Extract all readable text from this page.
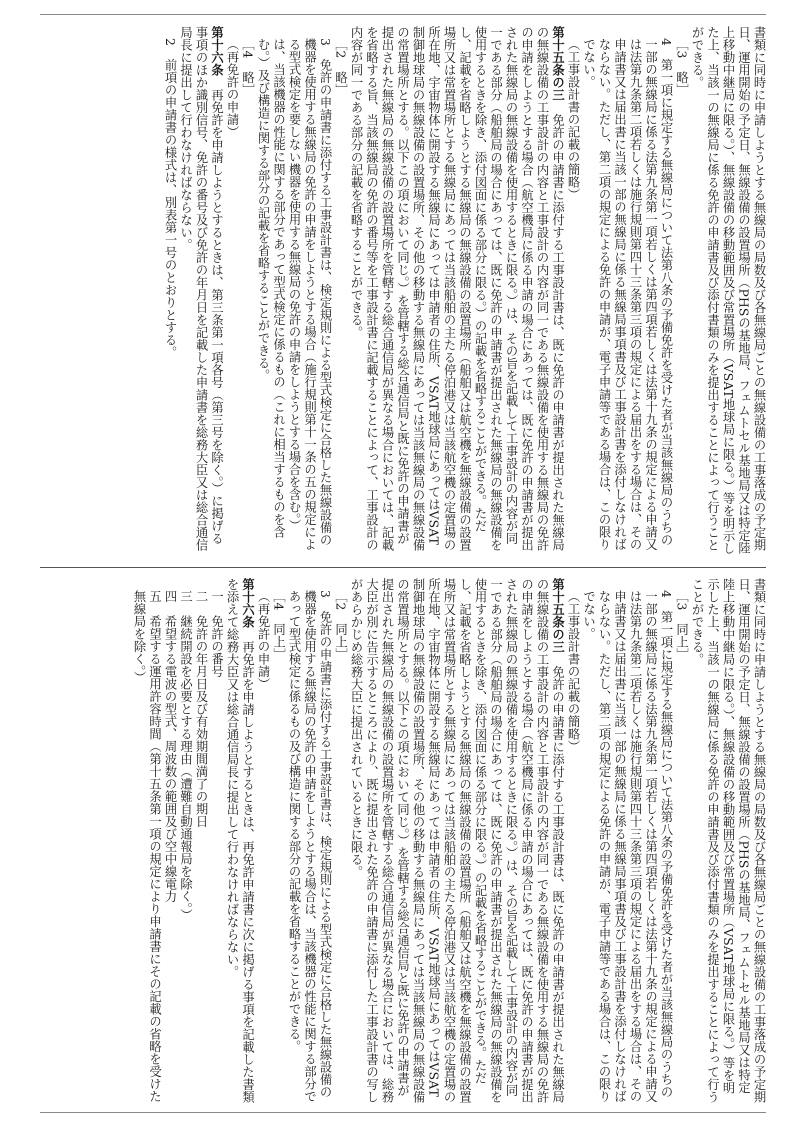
書類に同時に申請しようとする無線局の局数及び各無線局ごとの無線設備の工事落成の予定期日、運用開始の予定日、無線設備の設置場所（PHSの基地局、フェムトセル基地局又は特定陸上移動中継局に限る。）、無線設備の移動範囲及び常置場所（VSAT地球局に限る。）等を明示した上、当該一の無線局に係る免許の申請書及び添付書類のみを提出することによって行うことができる。

［3　略］

4　第一項に規定する無線局について法第八条の予備免許を受けた者が当該無線局のうちの一部の無線局に係る法第九条第一項若しくは第四項若しくは法第十九条の規定による申請又は法第九条第二項若しくは施行規則第四十三条第三項の規定による届出をする場合は、その申請書又は届出書に当該一部の無線局に係る無線局事項書及び工事設計書を添付しなければならない。ただし、第二項の規定による免許の申請が、電子申請等である場合は、この限りでない。

（工事設計書の記載の簡略）

第十五条の三　免許の申請書に添付する工事設計書は、既に免許の申請書が提出された無線局の無線設備の工事設計の内容と工事設計の内容が同一である無線設備を使用する無線局の免許の申請をしようとする場合（航空機局に係る申請の場合にあっては、既に免許の申請書が提出された無線局の無線設備を使用するときに限る。）は、その旨を記載して工事設計の内容が同一である部分（船舶局の場合にあっては、既に免許の申請書が提出された無線局の無線設備を使用するときを除き、添付図面に係る部分に限る。）の記載を省略することができる。ただし、記載を省略しようとする無線局の無線設備の設置場所（船舶又は航空機を無線設備の設置場所又は常置場所とする無線局にあっては当該船舶の主たる停泊港又は当該航空機の定置場の所在地、宇宙物体に開設する無線局にあっては申請者の住所、VSAT地球局にあってはVSAT制御地球局の無線設備の設置場所、その他の移動する無線局にあっては当該無線局の無線設備の常置場所とする。以下この項において同じ。）を管轄する総合通信局と既に免許の申請書が提出された無線局の無線設備の設置場所を管轄する総合通信局が異なる場合においては、記載を省略する旨、当該無線局の免許の番号等を工事設計書に記載することによって、工事設計の内容が同一である部分の記載を省略することができる。

［2　略］

3　免許の申請書に添付する工事設計書は、検定規則による型式検定に合格した無線設備の機器を使用する無線局の免許の申請をしようとする場合（施行規則第十一条の五の規定による型式検定を要しない機器を使用する無線局の免許の申請をしようとする場合を含む。）は、当該機器の性能に関する部分であって型式検定に係るもの（これに相当するものを含む。）及び構造に関する部分の記載を省略することができる。

［4　略］

（再免許の申請）

第十六条　再免許を申請しようとするときは、第三条第一項各号（第三号を除く。）に掲げる事項のほか識別信号、免許の番号及び免許の年月日を記載した申請書を総務大臣又は総合通信局長に提出して行わなければならない。

2　前項の申請書の様式は、別表第一号のとおりとする。

書類に同時に申請しようとする無線局の局数及び各無線局ごとの無線設備の工事落成の予定期日、運用開始の予定日、無線設備の設置場所（PHSの基地局、フェムトセル基地局又は特定陸上移動中継局に限る。）、無線設備の移動範囲及び常置場所（VSAT地球局に限る。）等を明示した上、当該一の無線局に係る免許の申請書及び添付書類のみを提出することによって行うことができる。

［3　同上］

4　第一項に規定する無線局について法第八条の予備免許を受けた者が当該無線局のうちの一部の無線局に係る法第九条第一項若しくは第四項若しくは法第十九条の規定による申請又は法第九条第二項若しくは施行規則第四十三条第三項の規定による届出をする場合は、その申請書又は届出書に当該一部の無線局に係る無線局事項書及び工事設計書を添付しなければならない。ただし、第二項の規定による免許の申請が、電子申請等である場合は、この限りでない。

（工事設計書の記載の簡略）

第十五条の三　免許の申請書に添付する工事設計書は、既に免許の申請書が提出された無線局の無線設備の工事設計の内容と工事設計の内容が同一である無線設備を使用する無線局の免許の申請をしようとする場合（航空機局に係る申請の場合にあっては、既に免許の申請書が提出された無線局の無線設備を使用するときに限る。）は、その旨を記載して工事設計の内容が同一である部分（船舶局の場合にあっては、既に免許の申請書が提出された無線局の無線設備を使用するときを除き、添付図面に係る部分に限る。）の記載を省略することができる。ただし、記載を省略しようとする無線局の無線設備の設置場所（船舶又は航空機を無線設備の設置場所又は常置場所とする無線局にあっては当該船舶の主たる停泊港又は当該航空機の定置場の所在地、宇宙物体に開設する無線局にあっては申請者の住所、VSAT地球局にあってはVSAT制御地球局の無線設備の設置場所、その他の移動する無線局にあっては当該無線局の無線設備の常置場所とする。以下この項において同じ。）を管轄する総合通信局と既に免許の申請書が提出された無線局の無線設備の設置場所を管轄する総合通信局が異なる場合においては、総務大臣が別に告示するところにより、既に提出された免許の申請書に添付した工事設計書の写しがあらかじめ総務大臣に提出されているときに限る。

［2　同上］

3　免許の申請書に添付する工事設計書は、検定規則による型式検定に合格した無線設備の機器を使用する無線局の免許の申請をしようとする場合は、当該機器の性能に関する部分であって型式検定に係るもの及び構造に関する部分の記載を省略することができる。

［4　同上］

（再免許の申請）

第十六条　再免許を申請しようとするときは、再免許申請書に次に掲げる事項を記載した書類を添えて総務大臣又は総合通信局長に提出して行わなければならない。

一　免許の番号

二　免許の年月日及び有効期間満了の期日

三　継続開設を必要とする理由（遭難自動通報局を除く。）

四　希望する電波の型式、周波数の範囲及び空中線電力

五　希望する運用許容時間（第十五条第一項の規定により申請書にその記載の省略を受けた無線局を除く。）
